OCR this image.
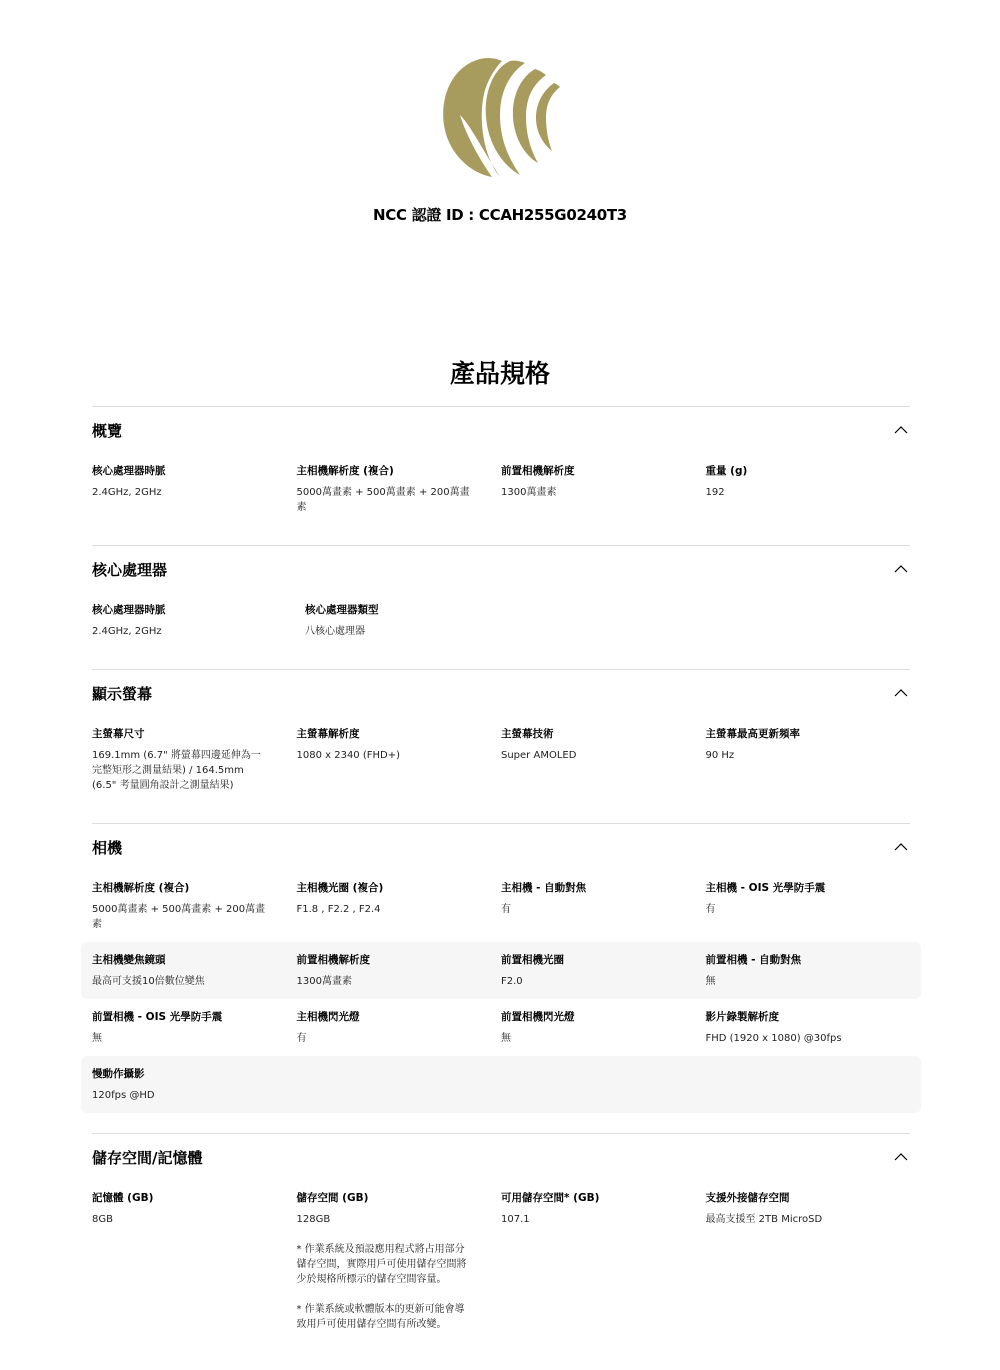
NCC 認證 ID : CCAH255G0240T3
產品規格
概覽
核心處理器時脈
2.4GHz, 2GHz
主相機解析度 (複合)
5000萬畫素 + 500萬畫素 + 200萬畫素
前置相機解析度
1300萬畫素
重量 (g)
192
核心處理器
核心處理器時脈
2.4GHz, 2GHz
核心處理器類型
八核心處理器
顯示螢幕
主螢幕尺寸
169.1mm (6.7" 將螢幕四邊延伸為一完整矩形之測量結果) / 164.5mm (6.5" 考量圓角設計之測量結果)
主螢幕解析度
1080 x 2340 (FHD+)
主螢幕技術
Super AMOLED
主螢幕最高更新頻率
90 Hz
相機
主相機解析度 (複合)
5000萬畫素 + 500萬畫素 + 200萬畫素
主相機光圈 (複合)
F1.8 , F2.2 , F2.4
主相機 - 自動對焦
有
主相機 - OIS 光學防手震
有
主相機變焦鏡頭
最高可支援10倍數位變焦
前置相機解析度
1300萬畫素
前置相機光圈
F2.0
前置相機 - 自動對焦
無
前置相機 - OIS 光學防手震
無
主相機閃光燈
有
前置相機閃光燈
無
影片錄製解析度
FHD (1920 x 1080) @30fps
慢動作攝影
120fps @HD
儲存空間/記憶體
記憶體 (GB)
8GB
儲存空間 (GB)
128GB
* 作業系統及預設應用程式將占用部分儲存空間，實際用戶可使用儲存空間將少於規格所標示的儲存空間容量。
* 作業系統或軟體版本的更新可能會導致用戶可使用儲存空間有所改變。
可用儲存空間* (GB)
107.1
支援外接儲存空間
最高支援至 2TB MicroSD
